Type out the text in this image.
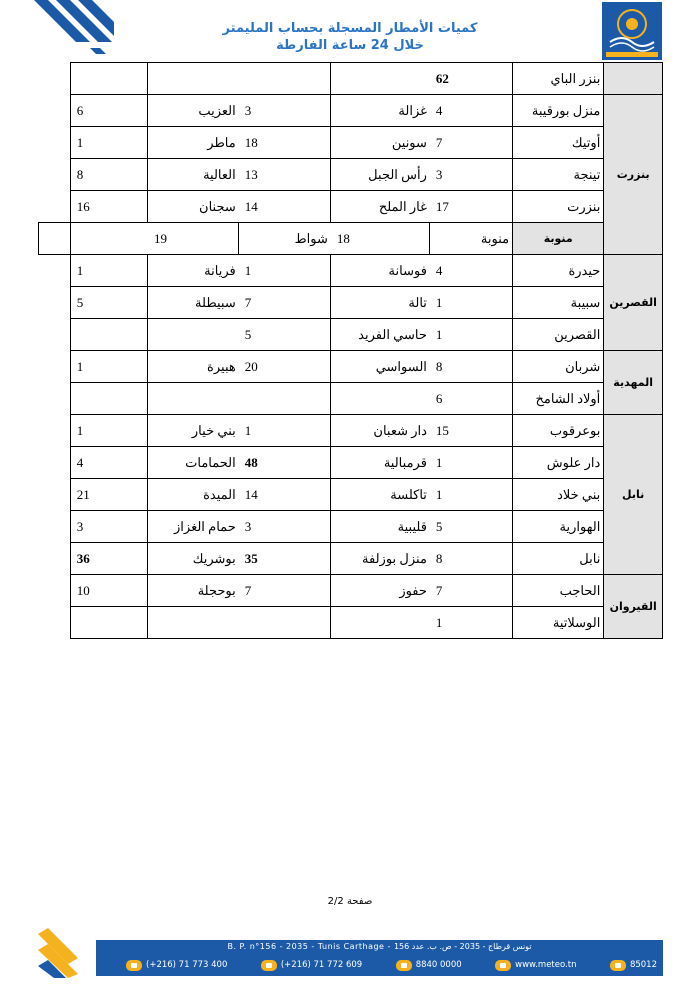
كميات الأمطار المسجلة بحساب المليمتر
خلال 24 ساعة الفارطة
	بنزر الباي	62					
بنزرت	منزل بورقيبة	4	غزالة	3	العزيب	6	
	أوتيك	7	سونين	18	ماطر	1	
	تينجة	3	رأس الجبل	13	العالية	8	
	بنزرت	17	غار الملح	14	سجنان	16	
	منوبة	منوبة	18	شواط	19		
القصرين	حيدرة	4	فوسانة	1	فريانة	1	
	سبيبة	1	تالة	7	سبيطلة	5	
	القصرين	1	حاسي الفريد	5			
المهدية	شربان	8	السواسي	20	هبيرة	1	
	أولاد الشامخ	6					
نابل	بوعرقوب	15	دار شعبان	1	بني خيار	1	
	دار علوش	1	قرمبالية	48	الحمامات	4	
	بني خلاد	1	تاكلسة	14	الميدة	21	
	الهوارية	5	قليبية	3	حمام الغزاز	3	
	نابل	8	منزل بوزلفة	35	بوشريك	36	
القيروان	الحاجب	7	حفوز	7	بوحجلة	10	
	الوسلاتية	1					
صفحة 2/2
B. P. n°156 - 2035 - Tunis Carthage - تونس قرطاج - 2035 - ص. ب. عدد 156
(+216) 71 773 400	(+216) 71 772 609	8840 0000	www.meteo.tn	85012
